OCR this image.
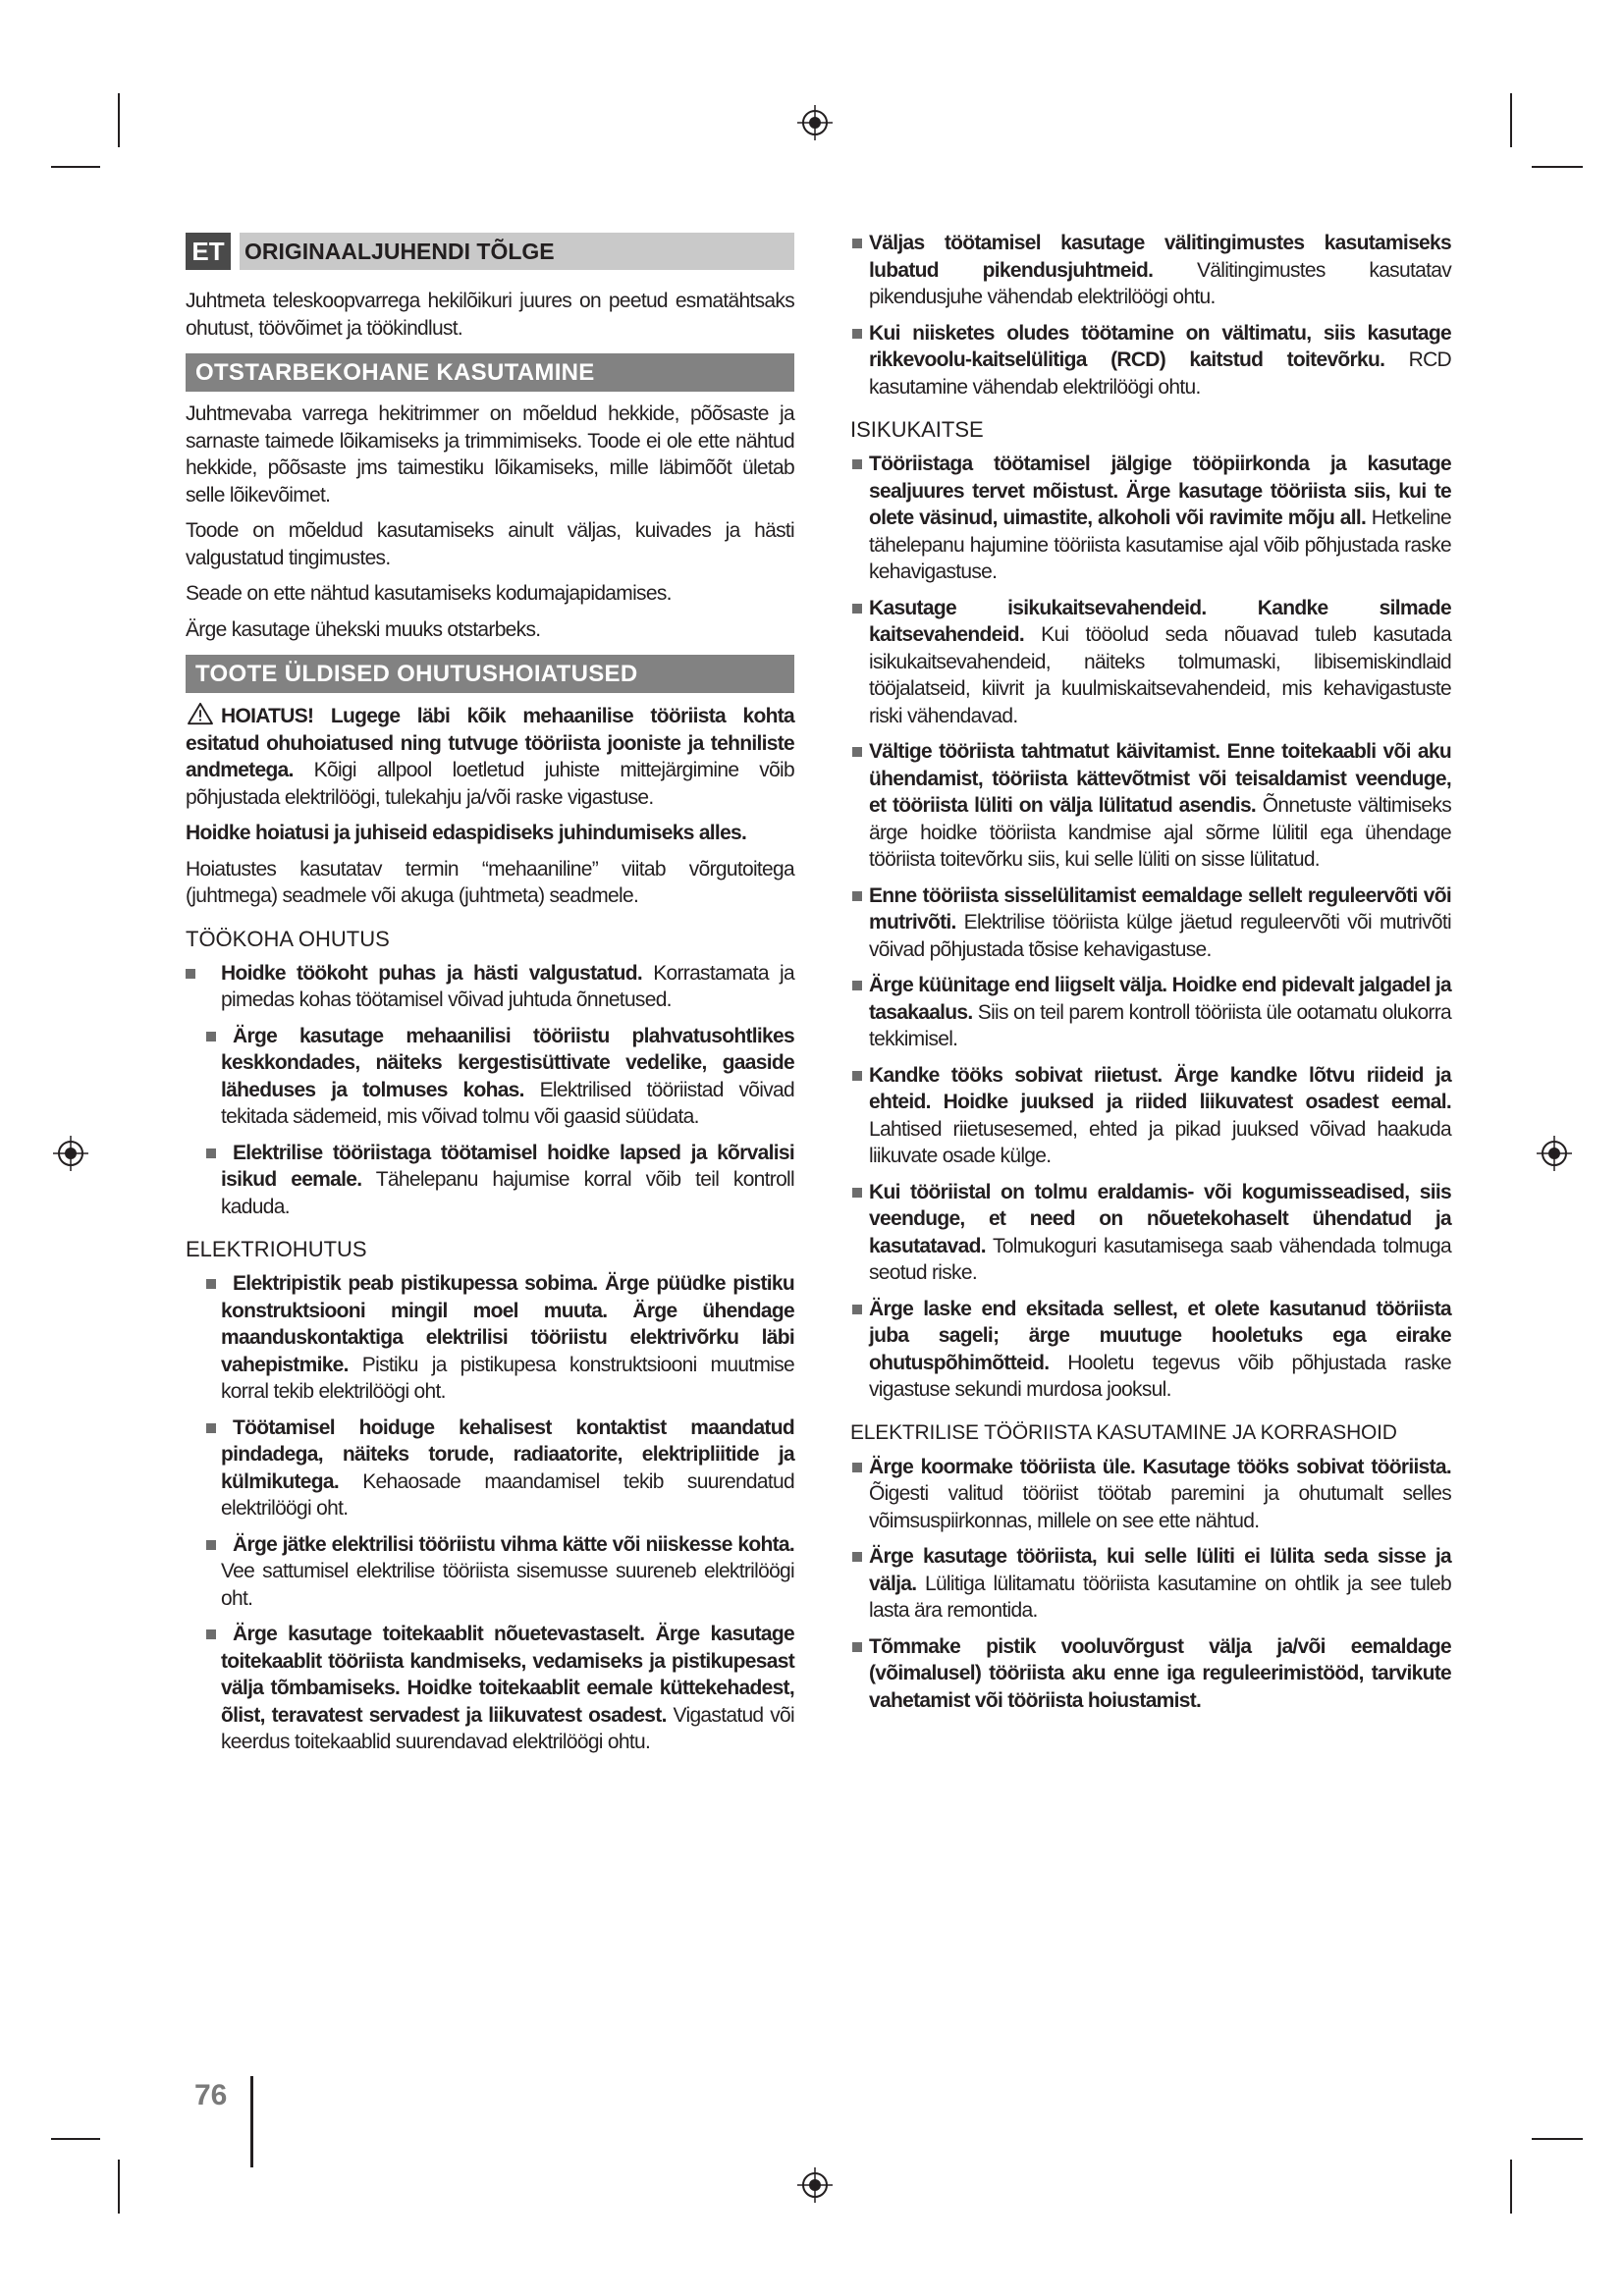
ET ORIGINAALJUHENDI TÕLGE

Juhtmeta teleskoopvarrega hekilõikuri juures on peetud esmatähtsaks ohutust, töövõimet ja töökindlust.

OTSTARBEKOHANE KASUTAMINE

Juhtmevaba varrega hekitrimmer on mõeldud hekkide, põõsaste ja sarnaste taimede lõikamiseks ja trimmimiseks. Toode ei ole ette nähtud hekkide, põõsaste jms taimestiku lõikamiseks, mille läbimõõt ületab selle lõikevõimet.

Toode on mõeldud kasutamiseks ainult väljas, kuivades ja hästi valgustatud tingimustes.

Seade on ette nähtud kasutamiseks kodumajapidamises.

Ärge kasutage ühekski muuks otstarbeks.

TOOTE ÜLDISED OHUTUSHOIATUSED

HOIATUS! Lugege läbi kõik mehaanilise tööriista kohta esitatud ohuhoiatused ning tutvuge tööriista jooniste ja tehniliste andmetega. Kõigi allpool loetletud juhiste mittejärgimine võib põhjustada elektrilöögi, tulekahju ja/või raske vigastuse.

Hoidke hoiatusi ja juhiseid edaspidiseks juhindumiseks alles.

Hoiatustes kasutatav termin “mehaaniline” viitab võrgutoitega (juhtmega) seadmele või akuga (juhtmeta) seadmele.

TÖÖKOHA OHUTUS
Hoidke töökoht puhas ja hästi valgustatud. Korrastamata ja pimedas kohas töötamisel võivad juhtuda õnnetused.
Ärge kasutage mehaanilisi tööriistu plahvatusohtlikes keskkondades, näiteks kergestisüttivate vedelike, gaaside läheduses ja tolmuses kohas. Elektrilised tööriistad võivad tekitada sädemeid, mis võivad tolmu või gaasid süüdata.
Elektrilise tööriistaga töötamisel hoidke lapsed ja kõrvalisi isikud eemale. Tähelepanu hajumise korral võib teil kontroll kaduda.
ELEKTRIOHUTUS
Elektripistik peab pistikupessa sobima. Ärge püüdke pistiku konstruktsiooni mingil moel muuta. Ärge ühendage maanduskontaktiga elektrilisi tööriistu elektrivõrku läbi vahepistmike. Pistiku ja pistikupesa konstruktsiooni muutmise korral tekib elektrilöögi oht.
Töötamisel hoiduge kehalisest kontaktist maandatud pindadega, näiteks torude, radiaatorite, elektripliitide ja külmikutega. Kehaosade maandamisel tekib suurendatud elektrilöögi oht.
Ärge jätke elektrilisi tööriistu vihma kätte või niiskesse kohta. Vee sattumisel elektrilise tööriista sisemusse suureneb elektrilöögi oht.
Ärge kasutage toitekaablit nõuetevastaselt. Ärge kasutage toitekaablit tööriista kandmiseks, vedamiseks ja pistikupesast välja tõmbamiseks. Hoidke toitekaablit eemale küttekehadest, õlist, teravatest servadest ja liikuvatest osadest. Vigastatud või keerdus toitekaablid suurendavad elektrilöögi ohtu.
Väljas töötamisel kasutage välitingimustes kasutamiseks lubatud pikendusjuhtmeid. Välitingimustes kasutatav pikendusjuhe vähendab elektrilöögi ohtu.
Kui niisketes oludes töötamine on vältimatu, siis kasutage rikkevoolu-kaitselülitiga (RCD) kaitstud toitevõrku. RCD kasutamine vähendab elektrilöögi ohtu.
ISIKUKAITSE
Tööriistaga töötamisel jälgige tööpiirkonda ja kasutage sealjuures tervet mõistust. Ärge kasutage tööriista siis, kui te olete väsinud, uimastite, alkoholi või ravimite mõju all. Hetkeline tähelepanu hajumine tööriista kasutamise ajal võib põhjustada raske kehavigastuse.
Kasutage isikukaitsevahendeid. Kandke silmade kaitsevahendeid. Kui tööolud seda nõuavad tuleb kasutada isikukaitsevahendeid, näiteks tolmumaski, libisemiskindlaid tööjalatseid, kiivrit ja kuulmiskaitsevahendeid, mis kehavigastuste riski vähendavad.
Vältige tööriista tahtmatut käivitamist. Enne toitekaabli või aku ühendamist, tööriista kättevõtmist või teisaldamist veenduge, et tööriista lüliti on välja lülitatud asendis. Õnnetuste vältimiseks ärge hoidke tööriista kandmise ajal sõrme lülitil ega ühendage tööriista toitevõrku siis, kui selle lüliti on sisse lülitatud.
Enne tööriista sisselülitamist eemaldage sellelt reguleervõti või mutrivõti. Elektrilise tööriista külge jäetud reguleervõti või mutrivõti võivad põhjustada tõsise kehavigastuse.
Ärge küünitage end liigselt välja. Hoidke end pidevalt jalgadel ja tasakaalus. Siis on teil parem kontroll tööriista üle ootamatu olukorra tekkimisel.
Kandke tööks sobivat riietust. Ärge kandke lõtvu riideid ja ehteid. Hoidke juuksed ja riided liikuvatest osadest eemal. Lahtised riietusesemed, ehted ja pikad juuksed võivad haakuda liikuvate osade külge.
Kui tööriistal on tolmu eraldamis- või kogumisseadised, siis veenduge, et need on nõuetekohaselt ühendatud ja kasutatavad. Tolmukoguri kasutamisega saab vähendada tolmuga seotud riske.
Ärge laske end eksitada sellest, et olete kasutanud tööriista juba sageli; ärge muutuge hooletuks ega eirake ohutuspõhimõtteid. Hooletu tegevus võib põhjustada raske vigastuse sekundi murdosa jooksul.
ELEKTRILISE TÖÖRIISTA KASUTAMINE JA KORRASHOID
Ärge koormake tööriista üle. Kasutage tööks sobivat tööriista. Õigesti valitud tööriist töötab paremini ja ohutumalt selles võimsuspiirkonnas, millele on see ette nähtud.
Ärge kasutage tööriista, kui selle lüliti ei lülita seda sisse ja välja. Lülitiga lülitamatu tööriista kasutamine on ohtlik ja see tuleb lasta ära remontida.
Tõmmake pistik vooluvõrgust välja ja/või eemaldage (võimalusel) tööriista aku enne iga reguleerimistööd, tarvikute vahetamist või tööriista hoiustamist.
76
